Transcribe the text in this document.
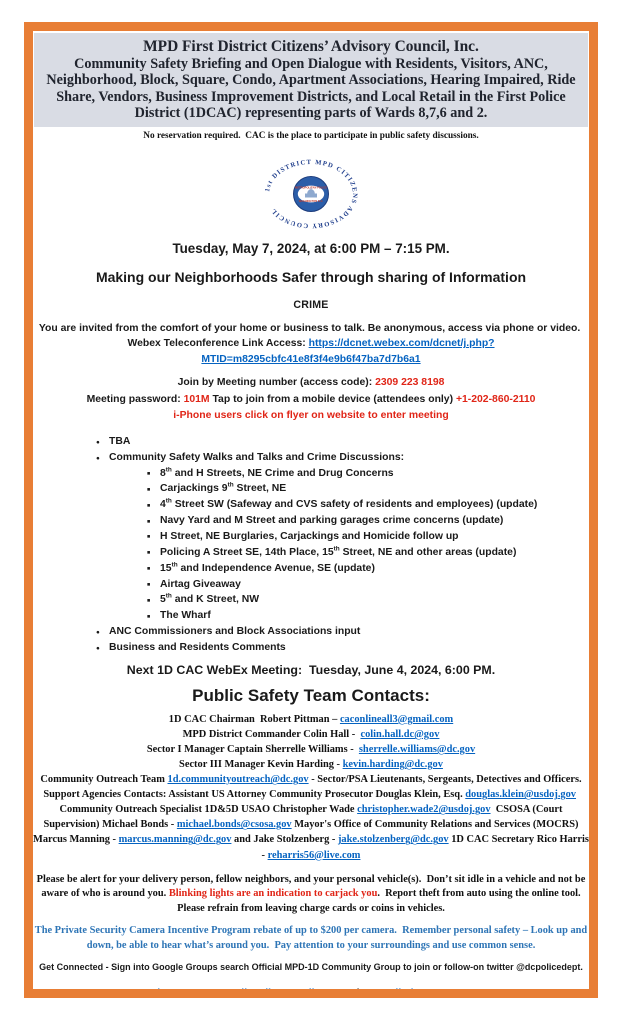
MPD First District Citizens’ Advisory Council, Inc.
Community Safety Briefing and Open Dialogue with Residents, Visitors, ANC, Neighborhood, Block, Square, Condo, Apartment Associations, Hearing Impaired, Ride Share, Vendors, Business Improvement Districts, and Local Retail in the First Police District (1DCAC) representing parts of Wards 8,7,6 and 2.
No reservation required.  CAC is the place to participate in public safety discussions.
1st DISTRICT MPD CITIZENS ADVISORY COUNCIL
METROPOLITAN POLICE
WASHINGTON D.C.
Tuesday, May 7, 2024, at 6:00 PM – 7:15 PM.
Making our Neighborhoods Safer through sharing of Information
CRIME
You are invited from the comfort of your home or business to talk. Be anonymous, access via phone or video.  Webex Teleconference Link Access: https://dcnet.webex.com/dcnet/j.php?MTID=m8295cbfc41e8f3f4e9b6f47ba7d7b6a1
Join by Meeting number (access code): 2309 223 8198
Meeting password: 101M Tap to join from a mobile device (attendees only) +1-202-860-2110
i-Phone users click on flyer on website to enter meeting
● TBA
● Community Safety Walks and Talks and Crime Discussions:
■ 8th and H Streets, NE Crime and Drug Concerns
■ Carjackings 9th Street, NE
■ 4th Street SW (Safeway and CVS safety of residents and employees) (update)
■ Navy Yard and M Street and parking garages crime concerns (update)
■ H Street, NE Burglaries, Carjackings and Homicide follow up
■ Policing A Street SE, 14th Place, 15th Street, NE and other areas (update)
■ 15th and Independence Avenue, SE (update)
■ Airtag Giveaway
■ 5th and K Street, NW
■ The Wharf
● ANC Commissioners and Block Associations input
● Business and Residents Comments
Next 1D CAC WebEx Meeting:  Tuesday, June 4, 2024, 6:00 PM.
Public Safety Team Contacts:
1D CAC Chairman  Robert Pittman – caconlineall3@gmail.com
MPD District Commander Colin Hall -  colin.hall.dc@gov
Sector I Manager Captain Sherrelle Williams -  sherrelle.williams@dc.gov
Sector III Manager Kevin Harding - kevin.harding@dc.gov
Community Outreach Team 1d.communityoutreach@dc.gov - Sector/PSA Lieutenants, Sergeants, Detectives and Officers. Support Agencies Contacts: Assistant US Attorney Community Prosecutor Douglas Klein, Esq. douglas.klein@usdoj.gov  Community Outreach Specialist 1D&5D USAO Christopher Wade christopher.wade2@usdoj.gov  CSOSA (Court Supervision) Michael Bonds - michael.bonds@csosa.gov Mayor's Office of Community Relations and Services (MOCRS) Marcus Manning - marcus.manning@dc.gov and Jake Stolzenberg - jake.stolzenberg@dc.gov 1D CAC Secretary Rico Harris - reharris56@live.com
Please be alert for your delivery person, fellow neighbors, and your personal vehicle(s).  Don’t sit idle in a vehicle and not be aware of who is around you. Blinking lights are an indication to carjack you.  Report theft from auto using the online tool. Please refrain from leaving charge cards or coins in vehicles.
The Private Security Camera Incentive Program rebate of up to $200 per camera.  Remember personal safety – Look up and down, be able to hear what’s around you.  Pay attention to your surroundings and use common sense.
Get Connected - Sign into Google Groups search Official MPD-1D Community Group to join or follow-on twitter @dcpolicedept.
www.1dcac.com caconlineall3@gmail.com  twitter @all1dcac  202.681.2764
